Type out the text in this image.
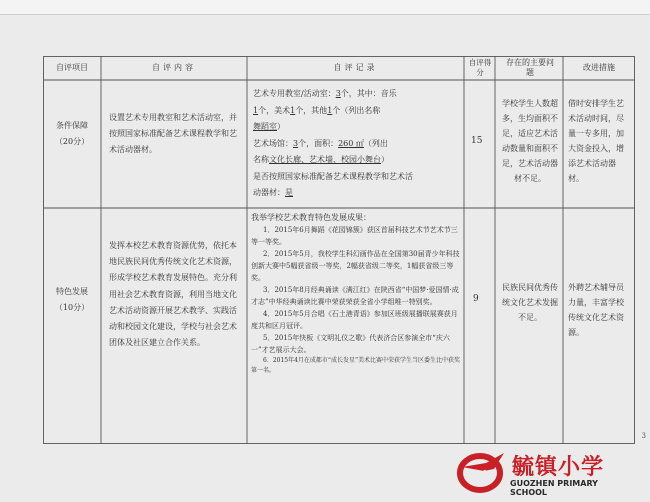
自评项目	自评内容	自评记录
自评得分
存在的主要问题
改进措施
条件保障（20分）
设置艺术专用教室和艺术活动室，并按照国家标准配备艺术课程教学和艺术活动器材。
艺术专用教室/活动室：3个，其中：音乐
1个，美术1个，其他1个（列出名称
舞蹈室）
艺术场馆：3个，面积：260 ㎡（列出
名称文化长廊、艺术墙、校园小舞台）
是否按照国家标准配备艺术课程教学和艺术活
动器材：是
15
学校学生人数超多，生均面积不足，适应艺术活动数量和面积不足，艺术活动器材不足。
借时安排学生艺术活动时间，尽量一专多用，加大资金投入，增添艺术活动器材。
特色发展（10分）
发挥本校艺术教育资源优势，依托本地民族民间优秀传统文化艺术资源，形成学校艺术教育发展特色。充分利用社会艺术教育资源，利用当地文化艺术活动资源开展艺术教学、实践活动和校园文化建设，学校与社会艺术团体及社区建立合作关系。
我举学校艺术教育特色发展成果：
1．2015年6月舞蹈《花园锦簇》获区首届科技艺术节艺术节三等一等奖。
2．2015年5月，我校学生科幻画作品在全国第30届青少年科技创新大赛中5幅获省级一等奖，2幅获省级二等奖，1幅获省级三等奖。
3．2015年8月经典诵读《满江红》在陕西省“中国梦·爱国情·成才志”中华经典诵读比赛中荣获荣获全省小学组唯一特别奖。
4．2015年5月合唱《石土港青语》参加区班级展播联展赛获月度共和区月冠评。
5．2015年快板《文明礼仪之歌》代表济合区参演全市“庆六一”才艺展示大会。
6．2015年4月在成都市“成长发星”美术比赛中荣获学生当区委生比中获奖第一名。
9
民族民间优秀传统文化艺术发掘不足。
外聘艺术辅导员力量，丰富学校传统文化艺术资源。
3
毓镇小学
GUOZHEN PRIMARY SCHOOL
